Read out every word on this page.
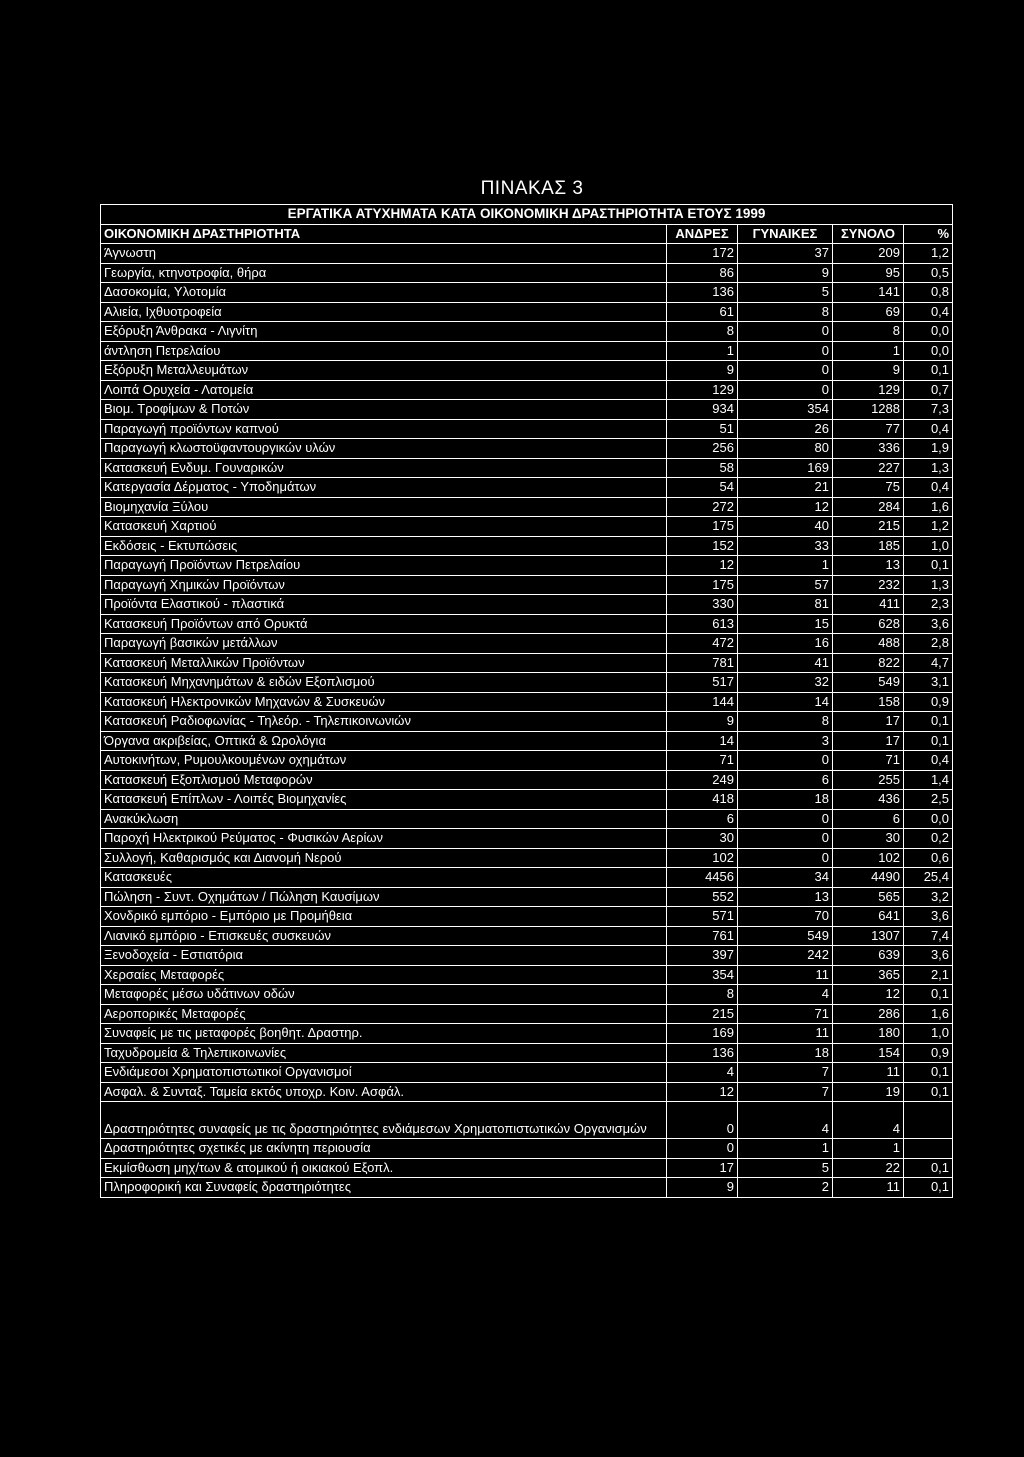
ΠΙΝΑΚΑΣ 3
ΕΡΓΑΤΙΚΑ ΑΤΥΧΗΜΑΤΑ ΚΑΤΑ ΟΙΚΟΝΟΜΙΚΗ ΔΡΑΣΤΗΡΙΟΤΗΤΑ ΕΤΟΥΣ 1999				
ΟΙΚΟΝΟΜΙΚΗ ΔΡΑΣΤΗΡΙΟΤΗΤΑ	ΑΝΔΡΕΣ	ΓΥΝΑΙΚΕΣ	ΣΥΝΟΛΟ	%
Άγνωστη	172	37	209	1,2
Γεωργία, κτηνοτροφία, θήρα	86	9	95	0,5
Δασοκομία, Υλοτομία	136	5	141	0,8
Αλιεία, Ιχθυοτροφεία	61	8	69	0,4
Εξόρυξη Άνθρακα - Λιγνίτη	8	0	8	0,0
άντληση Πετρελαίου	1	0	1	0,0
Εξόρυξη Μεταλλευμάτων	9	0	9	0,1
Λοιπά Ορυχεία - Λατομεία	129	0	129	0,7
Βιομ. Τροφίμων & Ποτών	934	354	1288	7,3
Παραγωγή προϊόντων καπνού	51	26	77	0,4
Παραγωγή κλωστοϋφαντουργικών υλών	256	80	336	1,9
Κατασκευή Ενδυμ. Γουναρικών	58	169	227	1,3
Κατεργασία Δέρματος - Υποδημάτων	54	21	75	0,4
Βιομηχανία Ξύλου	272	12	284	1,6
Κατασκευή Χαρτιού	175	40	215	1,2
Εκδόσεις - Εκτυπώσεις	152	33	185	1,0
Παραγωγή Προϊόντων Πετρελαίου	12	1	13	0,1
Παραγωγή Χημικών Προϊόντων	175	57	232	1,3
Προϊόντα Ελαστικού - πλαστικά	330	81	411	2,3
Κατασκευή Προϊόντων από Ορυκτά	613	15	628	3,6
Παραγωγή βασικών μετάλλων	472	16	488	2,8
Κατασκευή Μεταλλικών Προϊόντων	781	41	822	4,7
Κατασκευή Μηχανημάτων & ειδών Εξοπλισμού	517	32	549	3,1
Κατασκευή Ηλεκτρονικών Μηχανών & Συσκευών	144	14	158	0,9
Κατασκευή Ραδιοφωνίας - Τηλεόρ. - Τηλεπικοινωνιών	9	8	17	0,1
Όργανα ακριβείας, Οπτικά & Ωρολόγια	14	3	17	0,1
Αυτοκινήτων, Ρυμουλκουμένων οχημάτων	71	0	71	0,4
Κατασκευή Εξοπλισμού Μεταφορών	249	6	255	1,4
Κατασκευή Επίπλων - Λοιπές Βιομηχανίες	418	18	436	2,5
Ανακύκλωση	6	0	6	0,0
Παροχή Ηλεκτρικού Ρεύματος - Φυσικών Αερίων	30	0	30	0,2
Συλλογή, Καθαρισμός και Διανομή Νερού	102	0	102	0,6
Κατασκευές	4456	34	4490	25,4
Πώληση - Συντ. Οχημάτων / Πώληση Καυσίμων	552	13	565	3,2
Χονδρικό εμπόριο - Εμπόριο με Προμήθεια	571	70	641	3,6
Λιανικό εμπόριο - Επισκευές συσκευών	761	549	1307	7,4
Ξενοδοχεία - Εστιατόρια	397	242	639	3,6
Χερσαίες Μεταφορές	354	11	365	2,1
Μεταφορές μέσω υδάτινων οδών	8	4	12	0,1
Αεροπορικές Μεταφορές	215	71	286	1,6
Συναφείς με τις μεταφορές βοηθητ. Δραστηρ.	169	11	180	1,0
Ταχυδρομεία & Τηλεπικοινωνίες	136	18	154	0,9
Ενδιάμεσοι Χρηματοπιστωτικοί Οργανισμοί	4	7	11	0,1
Ασφαλ. & Συνταξ. Ταμεία εκτός υποχρ. Κοιν. Ασφάλ.	12	7	19	0,1
Δραστηριότητες συναφείς με τις δραστηριότητες ενδιάμεσων Χρηματοπιστωτικών Οργανισμών	0	4	4	
Δραστηριότητες σχετικές με ακίνητη περιουσία	0	1	1	
Εκμίσθωση μηχ/των & ατομικού ή οικιακού Εξοπλ.	17	5	22	0,1
Πληροφορική και Συναφείς δραστηριότητες	9	2	11	0,1
